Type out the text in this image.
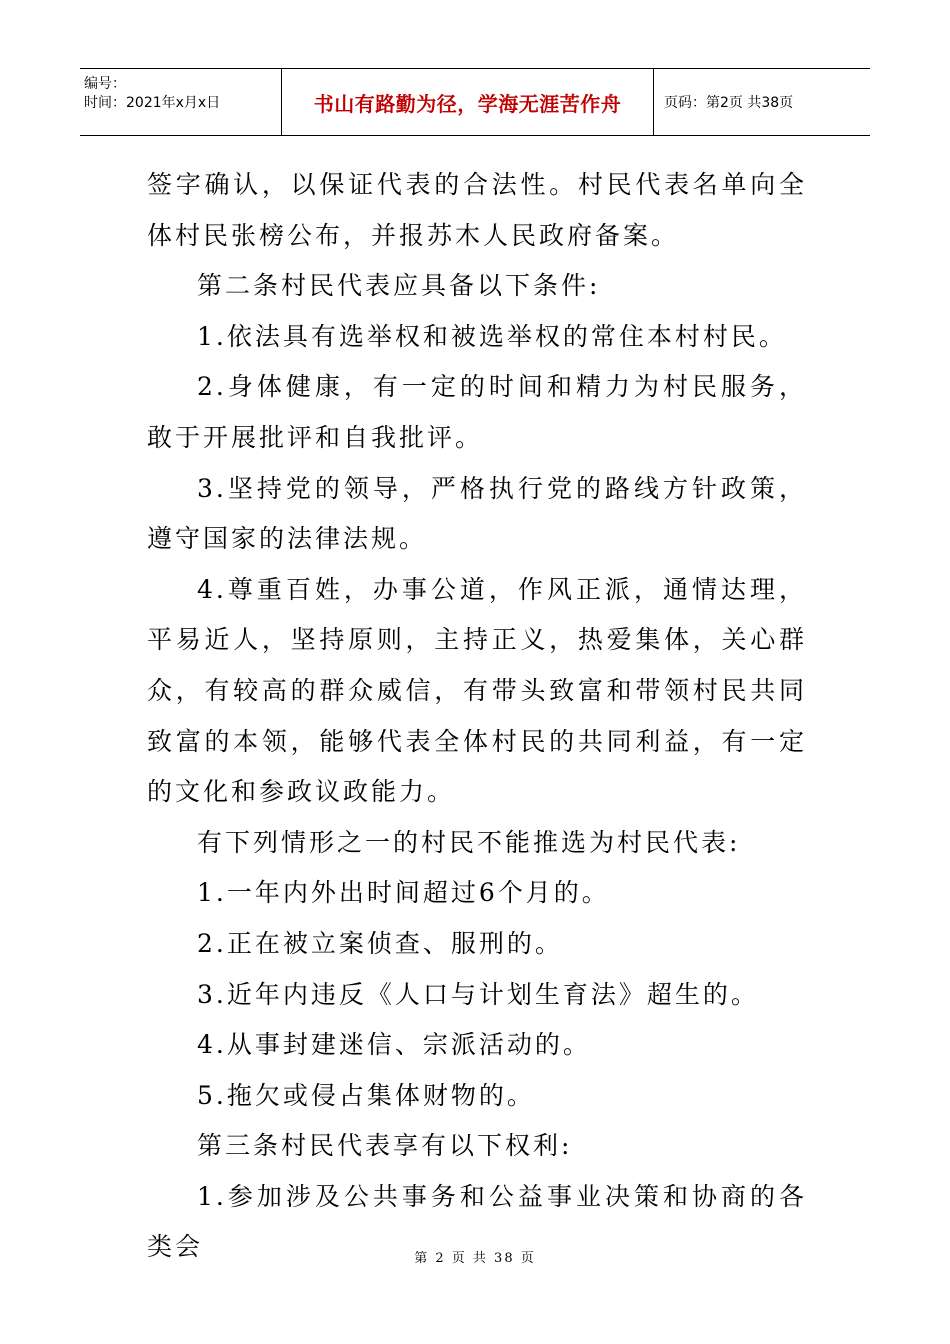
编号：
时间：2021年x月x日	书山有路勤为径，学海无涯苦作舟	页码：第2页 共38页

签字确认，以保证代表的合法性。村民代表名单向全体村民张榜公布，并报苏木人民政府备案。

第二条村民代表应具备以下条件:

1.依法具有选举权和被选举权的常住本村村民。

2.身体健康，有一定的时间和精力为村民服务，敢于开展批评和自我批评。

3.坚持党的领导，严格执行党的路线方针政策，遵守国家的法律法规。

4.尊重百姓，办事公道，作风正派，通情达理，平易近人，坚持原则，主持正义，热爱集体，关心群众，有较高的群众威信，有带头致富和带领村民共同致富的本领，能够代表全体村民的共同利益，有一定的文化和参政议政能力。

有下列情形之一的村民不能推选为村民代表:

1.一年内外出时间超过6个月的。

2.正在被立案侦查、服刑的。

3.近年内违反《人口与计划生育法》超生的。

4.从事封建迷信、宗派活动的。

5.拖欠或侵占集体财物的。

第三条村民代表享有以下权利:

1.参加涉及公共事务和公益事业决策和协商的各类会	第 2 页 共 38 页
